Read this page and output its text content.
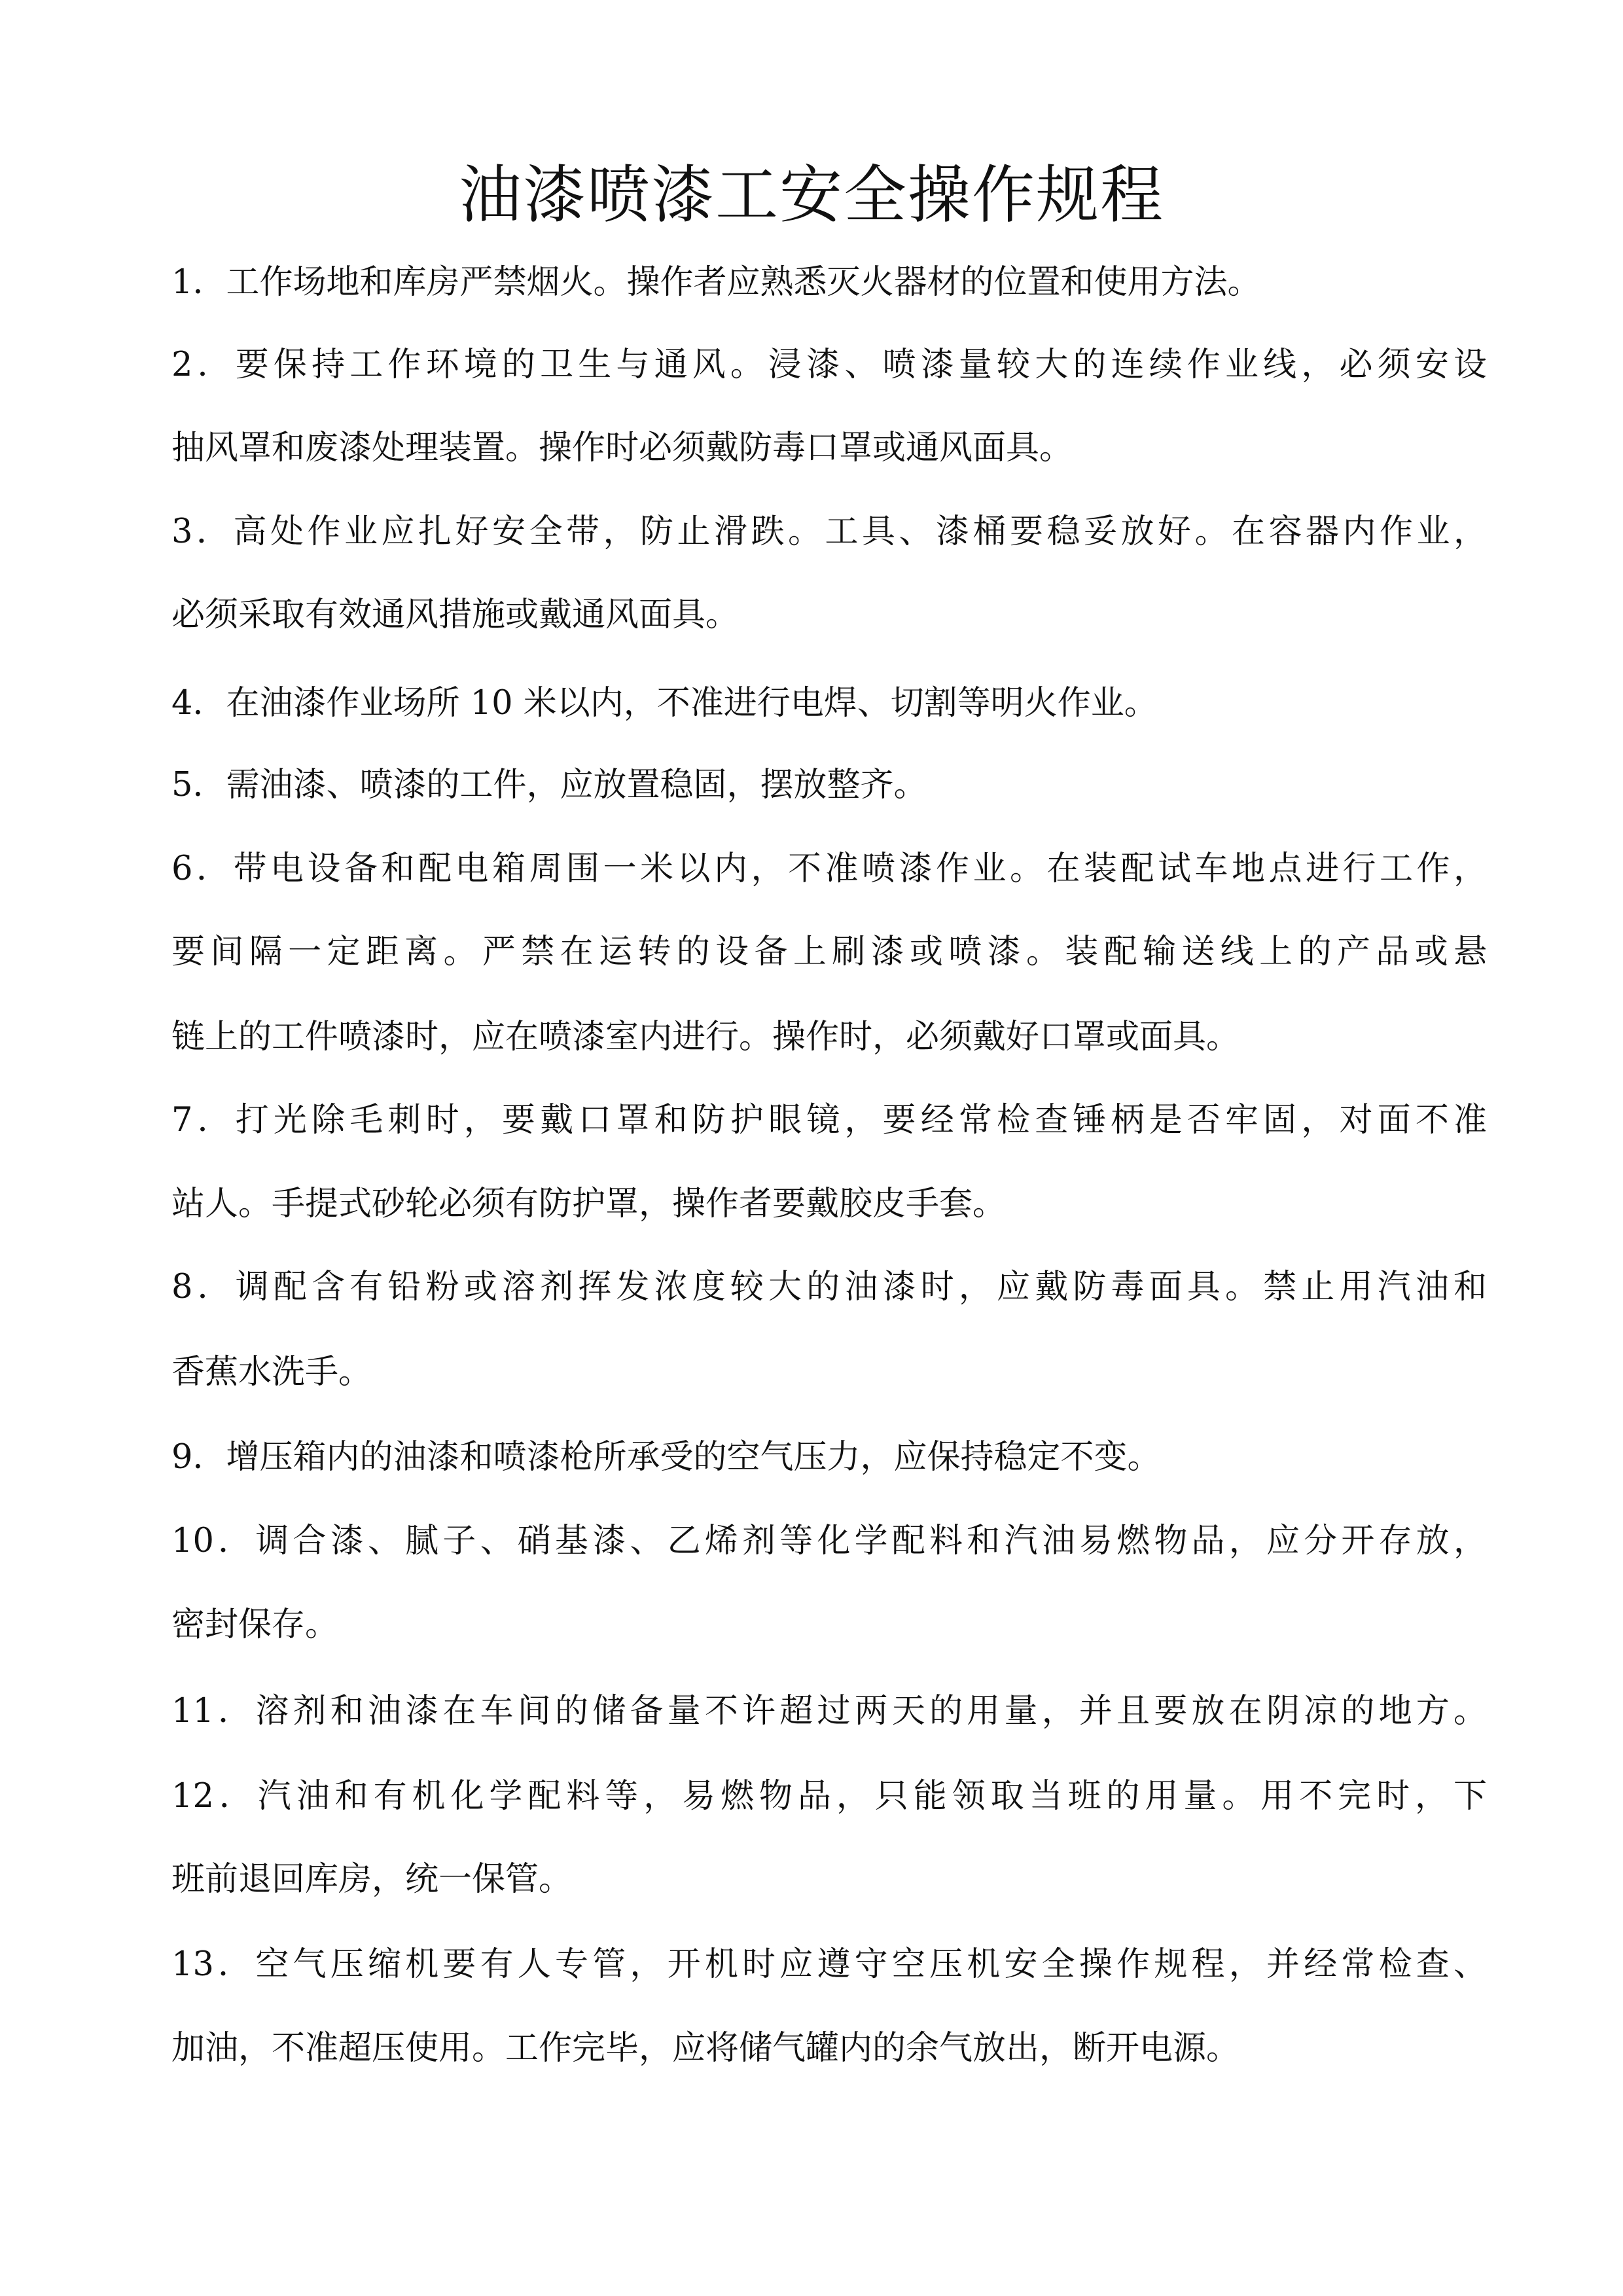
油漆喷漆工安全操作规程
1．工作场地和库房严禁烟火。操作者应熟悉灭火器材的位置和使用方法。
2．要保持工作环境的卫生与通风。浸漆、喷漆量较大的连续作业线，必须安设
抽风罩和废漆处理装置。操作时必须戴防毒口罩或通风面具。
3．高处作业应扎好安全带，防止滑跌。工具、漆桶要稳妥放好。在容器内作业，
必须采取有效通风措施或戴通风面具。
4．在油漆作业场所 10 米以内，不准进行电焊、切割等明火作业。
5．需油漆、喷漆的工件，应放置稳固，摆放整齐。
6．带电设备和配电箱周围一米以内，不准喷漆作业。在装配试车地点进行工作，
要间隔一定距离。严禁在运转的设备上刷漆或喷漆。装配输送线上的产品或悬
链上的工件喷漆时，应在喷漆室内进行。操作时，必须戴好口罩或面具。
7．打光除毛刺时，要戴口罩和防护眼镜，要经常检查锤柄是否牢固，对面不准
站人。手提式砂轮必须有防护罩，操作者要戴胶皮手套。
8．调配含有铅粉或溶剂挥发浓度较大的油漆时，应戴防毒面具。禁止用汽油和
香蕉水洗手。
9．增压箱内的油漆和喷漆枪所承受的空气压力，应保持稳定不变。
10．调合漆、腻子、硝基漆、乙烯剂等化学配料和汽油易燃物品，应分开存放，
密封保存。
11．溶剂和油漆在车间的储备量不许超过两天的用量，并且要放在阴凉的地方。
12．汽油和有机化学配料等，易燃物品，只能领取当班的用量。用不完时，下
班前退回库房，统一保管。
13．空气压缩机要有人专管，开机时应遵守空压机安全操作规程，并经常检查、
加油，不准超压使用。工作完毕，应将储气罐内的余气放出，断开电源。
